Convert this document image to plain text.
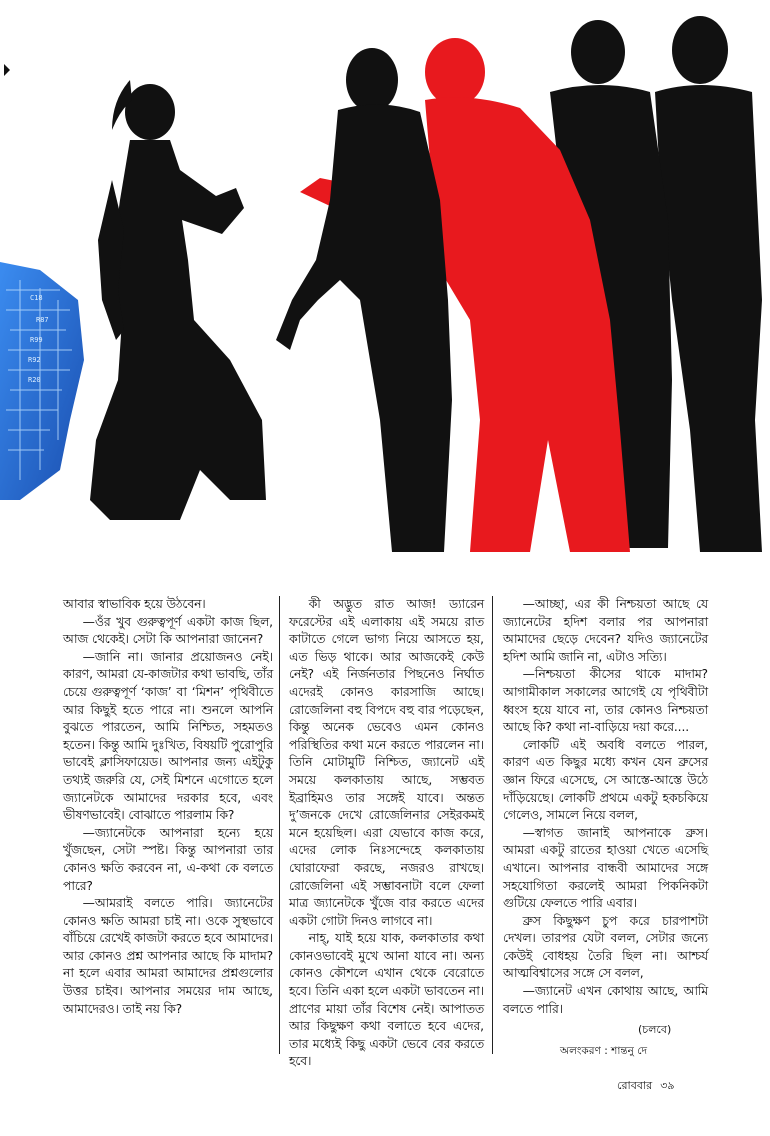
C18
R87
R99
R92
R20

আবার স্বাভাবিক হয়ে উঠবেন।

—ওঁর খুব গুরুত্বপূর্ণ একটা কাজ ছিল, আজ থেকেই। সেটা কি আপনারা জানেন?

—জানি না। জানার প্রয়োজনও নেই। কারণ, আমরা যে-কাজটার কথা ভাবছি, তাঁর চেয়ে গুরুত্বপূর্ণ ‘কাজ’ বা ‘মিশন’ পৃথিবীতে আর কিছুই হতে পারে না। শুনলে আপনি বুঝতে পারতেন, আমি নিশ্চিত, সহমতও হতেন। কিন্তু আমি দুঃখিত, বিষয়টি পুরোপুরি ভাবেই ক্লাসিফায়েড। আপনার জন্য এইটুকু তথ্যই জরুরি যে, সেই মিশনে এগোতে হলে জ্যানেটকে আমাদের দরকার হবে, এবং ভীষণভাবেই। বোঝাতে পারলাম কি?

—জ্যানেটকে আপনারা হন্যে হয়ে খুঁজছেন, সেটা স্পষ্ট। কিন্তু আপনারা তার কোনও ক্ষতি করবেন না, এ-কথা কে বলতে পারে?

—আমরাই বলতে পারি। জ্যানেটের কোনও ক্ষতি আমরা চাই না। ওকে সুস্থভাবে বাঁচিয়ে রেখেই কাজটা করতে হবে আমাদের। আর কোনও প্রশ্ন আপনার আছে কি মাদাম? না হলে এবার আমরা আমাদের প্রশ্নগুলোর উত্তর চাইব। আপনার সময়ের দাম আছে, আমাদেরও। তাই নয় কি?

কী অদ্ভুত রাত আজ! ড্যারেন ফরেস্টের এই এলাকায় এই সময়ে রাত কাটাতে গেলে ভাগ্য নিয়ে আসতে হয়, এত ভিড় থাকে। আর আজকেই কেউ নেই? এই নির্জনতার পিছনেও নির্ঘাত এদেরই কোনও কারসাজি আছে। রোজেলিনা বহু বিপদে বহু বার পড়েছেন, কিন্তু অনেক ভেবেও এমন কোনও পরিস্থিতির কথা মনে করতে পারলেন না। তিনি মোটামুটি নিশ্চিত, জ্যানেট এই সময়ে কলকাতায় আছে, সম্ভবত ইব্রাহিমও তার সঙ্গেই যাবে। অন্তত দু’জনকে দেখে রোজেলিনার সেইরকমই মনে হয়েছিল। এরা যেভাবে কাজ করে, এদের লোক নিঃসন্দেহে কলকাতায় ঘোরাফেরা করছে, নজরও রাখছে। রোজেলিনা এই সম্ভাবনাটা বলে ফেলা মাত্র জ্যানেটকে খুঁজে বার করতে এদের একটা গোটা দিনও লাগবে না।

নাহ্, যাই হয়ে যাক, কলকাতার কথা কোনওভাবেই মুখে আনা যাবে না। অন্য কোনও কৌশলে এখান থেকে বেরোতে হবে। তিনি একা হলে একটা ভাবতেন না। প্রাণের মায়া তাঁর বিশেষ নেই। আপাতত আর কিছুক্ষণ কথা বলাতে হবে এদের, তার মধ্যেই কিছু একটা ভেবে বের করতে হবে।

—আচ্ছা, এর কী নিশ্চয়তা আছে যে জ্যানেটের হদিশ বলার পর আপনারা আমাদের ছেড়ে দেবেন? যদিও জ্যানেটের হদিশ আমি জানি না, এটাও সত্যি।

—নিশ্চয়তা কীসের থাকে মাদাম? আগামীকাল সকালের আগেই যে পৃথিবীটা ধ্বংস হয়ে যাবে না, তার কোনও নিশ্চয়তা আছে কি? কথা না-বাড়িয়ে দয়া করে....

লোকটি এই অবধি বলতে পারল, কারণ এত কিছুর মধ্যে কখন যেন ব্রুসের জ্ঞান ফিরে এসেছে, সে আস্তে-আস্তে উঠে দাঁড়িয়েছে। লোকটি প্রথমে একটু হকচকিয়ে গেলেও, সামলে নিয়ে বলল,

—স্বাগত জানাই আপনাকে ব্রুস। আমরা একটু রাতের হাওয়া খেতে এসেছি এখানে। আপনার বান্ধবী আমাদের সঙ্গে সহযোগিতা করলেই আমরা পিকনিকটা গুটিয়ে ফেলতে পারি এবার।

ব্রুস কিছুক্ষণ চুপ করে চারপাশটা দেখল। তারপর যেটা বলল, সেটার জন্যে কেউই বোধহয় তৈরি ছিল না। আশ্চর্য আত্মবিশ্বাসের সঙ্গে সে বলল,

—জ্যানেট এখন কোথায় আছে, আমি বলতে পারি।

(চলবে)
অলংকরণ : শান্তনু দে
রোববার ৩৯
